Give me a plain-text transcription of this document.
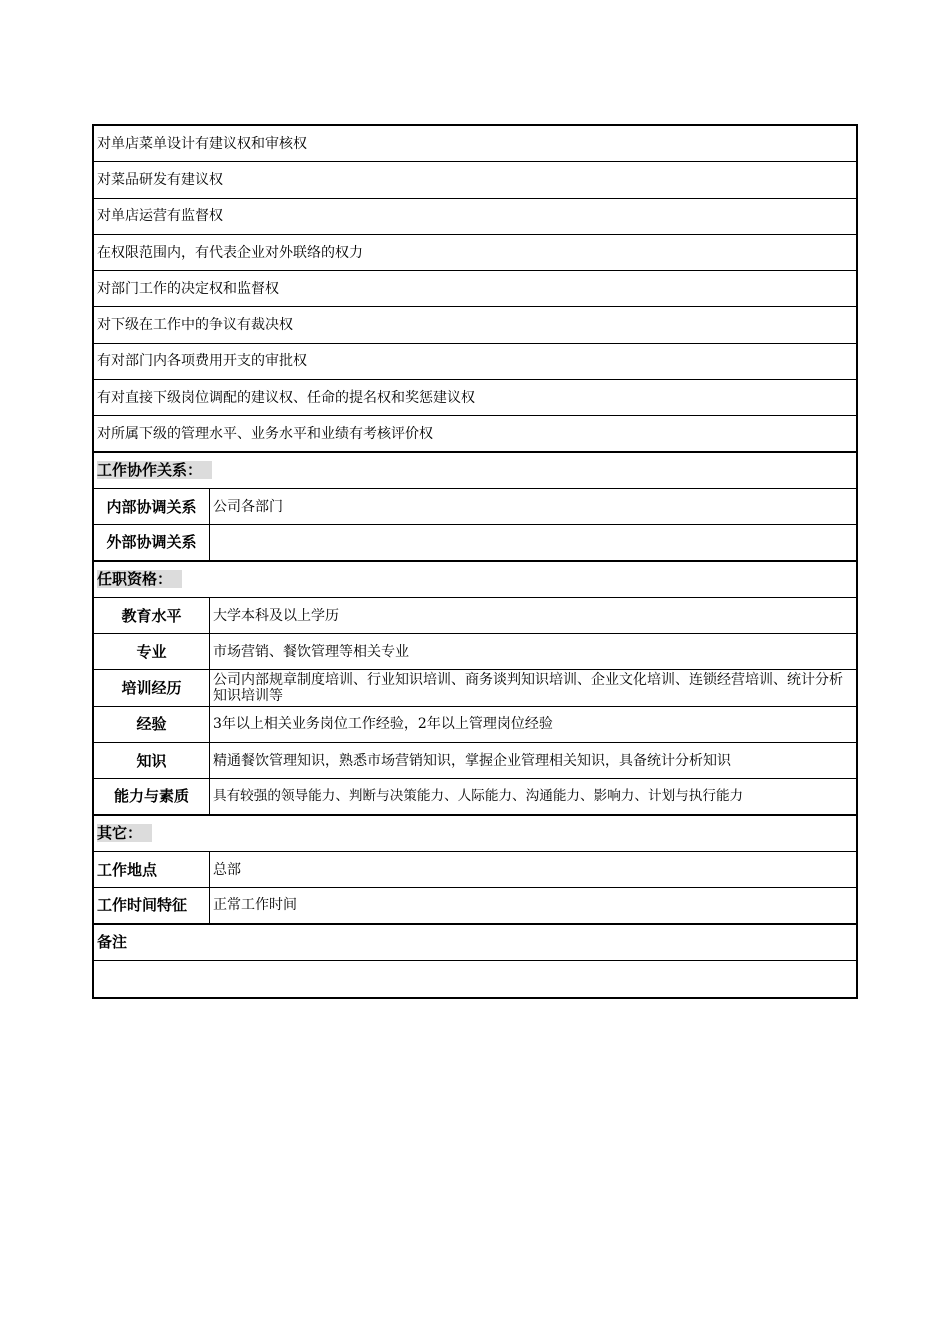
对单店菜单设计有建议权和审核权
对菜品研发有建议权
对单店运营有监督权
在权限范围内，有代表企业对外联络的权力
对部门工作的决定权和监督权
对下级在工作中的争议有裁决权
有对部门内各项费用开支的审批权
有对直接下级岗位调配的建议权、任命的提名权和奖惩建议权
对所属下级的管理水平、业务水平和业绩有考核评价权
工作协作关系：
内部协调关系	公司各部门
外部协调关系
任职资格：
教育水平	大学本科及以上学历
专业	市场营销、餐饮管理等相关专业
培训经历	公司内部规章制度培训、行业知识培训、商务谈判知识培训、企业文化培训、连锁经营培训、统计分析知识培训等
经验	3年以上相关业务岗位工作经验，2年以上管理岗位经验
知识	精通餐饮管理知识，熟悉市场营销知识，掌握企业管理相关知识，具备统计分析知识
能力与素质	具有较强的领导能力、判断与决策能力、人际能力、沟通能力、影响力、计划与执行能力
其它：
工作地点	总部
工作时间特征	正常工作时间
备注
